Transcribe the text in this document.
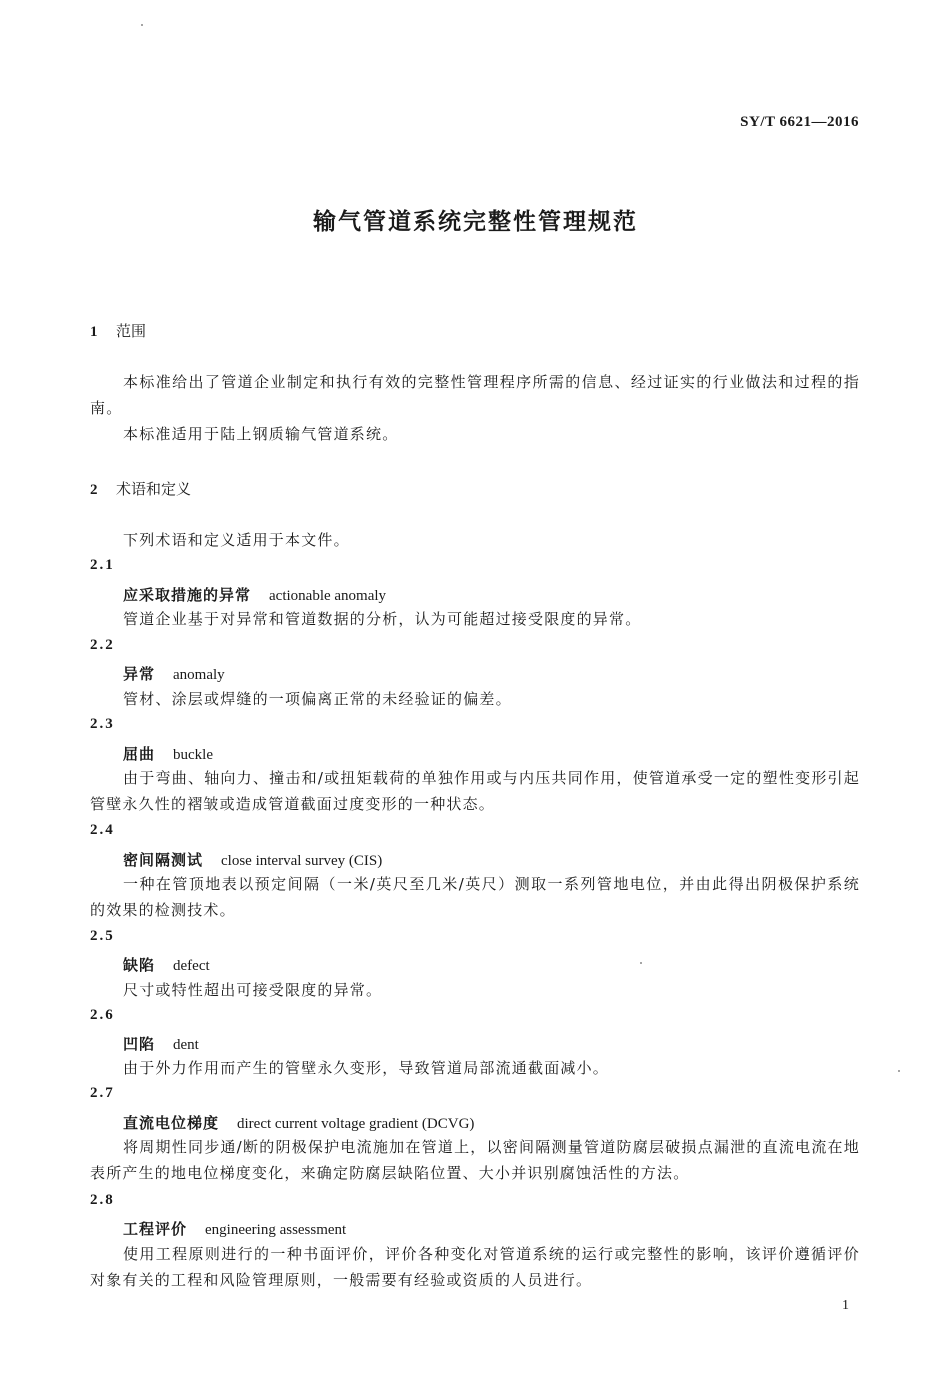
SY/T 6621—2016
输气管道系统完整性管理规范
1 范围
本标准给出了管道企业制定和执行有效的完整性管理程序所需的信息、经过证实的行业做法和过程的指南。
本标准适用于陆上钢质输气管道系统。
2 术语和定义
下列术语和定义适用于本文件。
2.1
应采取措施的异常 actionable anomaly
管道企业基于对异常和管道数据的分析，认为可能超过接受限度的异常。
2.2
异常 anomaly
管材、涂层或焊缝的一项偏离正常的未经验证的偏差。
2.3
屈曲 buckle
由于弯曲、轴向力、撞击和/或扭矩载荷的单独作用或与内压共同作用，使管道承受一定的塑性变形引起管壁永久性的褶皱或造成管道截面过度变形的一种状态。
2.4
密间隔测试 close interval survey (CIS)
一种在管顶地表以预定间隔（一米/英尺至几米/英尺）测取一系列管地电位，并由此得出阴极保护系统的效果的检测技术。
2.5
缺陷 defect
尺寸或特性超出可接受限度的异常。
2.6
凹陷 dent
由于外力作用而产生的管壁永久变形，导致管道局部流通截面减小。
2.7
直流电位梯度 direct current voltage gradient (DCVG)
将周期性同步通/断的阴极保护电流施加在管道上，以密间隔测量管道防腐层破损点漏泄的直流电流在地表所产生的地电位梯度变化，来确定防腐层缺陷位置、大小并识别腐蚀活性的方法。
2.8
工程评价 engineering assessment
使用工程原则进行的一种书面评价，评价各种变化对管道系统的运行或完整性的影响，该评价遵循评价对象有关的工程和风险管理原则，一般需要有经验或资质的人员进行。
1
